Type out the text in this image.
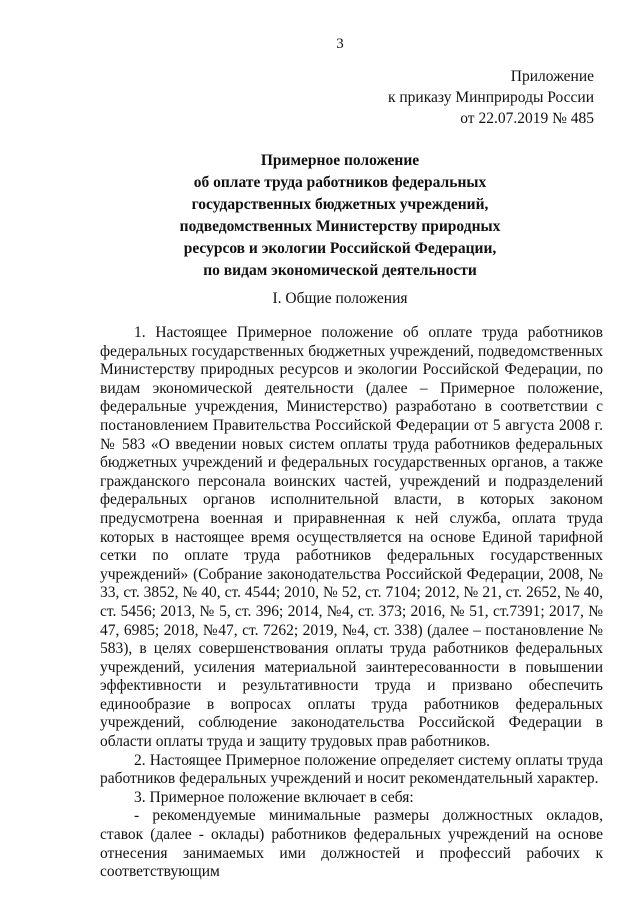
3
Приложение
к приказу Минприроды России
от 22.07.2019 № 485
Примерное положение
об оплате труда работников федеральных
государственных бюджетных учреждений,
подведомственных Министерству природных
ресурсов и экологии Российской Федерации,
по видам экономической деятельности
I. Общие положения

1. Настоящее Примерное положение об оплате труда работников федеральных государственных бюджетных учреждений, подведомственных Министерству природных ресурсов и экологии Российской Федерации, по видам экономической деятельности (далее – Примерное положение, федеральные учреждения, Министерство) разработано в соответствии с постановлением Правительства Российской Федерации от 5 августа 2008 г. № 583 «О введении новых систем оплаты труда работников федеральных бюджетных учреждений и федеральных государственных органов, а также гражданского персонала воинских частей, учреждений и подразделений федеральных органов исполнительной власти, в которых законом предусмотрена военная и приравненная к ней служба, оплата труда которых в настоящее время осуществляется на основе Единой тарифной сетки по оплате труда работников федеральных государственных учреждений» (Собрание законодательства Российской Федерации, 2008, № 33, ст. 3852, № 40, ст. 4544; 2010, № 52, ст. 7104; 2012, № 21, ст. 2652, № 40, ст. 5456; 2013, № 5, ст. 396; 2014, №4, ст. 373; 2016, № 51, ст.7391; 2017, № 47, 6985; 2018, №47, ст. 7262; 2019, №4, ст. 338) (далее – постановление № 583), в целях совершенствования оплаты труда работников федеральных учреждений, усиления материальной заинтересованности в повышении эффективности и результативности труда и призвано обеспечить единообразие в вопросах оплаты труда работников федеральных учреждений, соблюдение законодательства Российской Федерации в области оплаты труда и защиту трудовых прав работников.

2. Настоящее Примерное положение определяет систему оплаты труда работников федеральных учреждений и носит рекомендательный характер.

3. Примерное положение включает в себя:

- рекомендуемые минимальные размеры должностных окладов, ставок (далее - оклады) работников федеральных учреждений на основе отнесения занимаемых ими должностей и профессий рабочих к соответствующим
